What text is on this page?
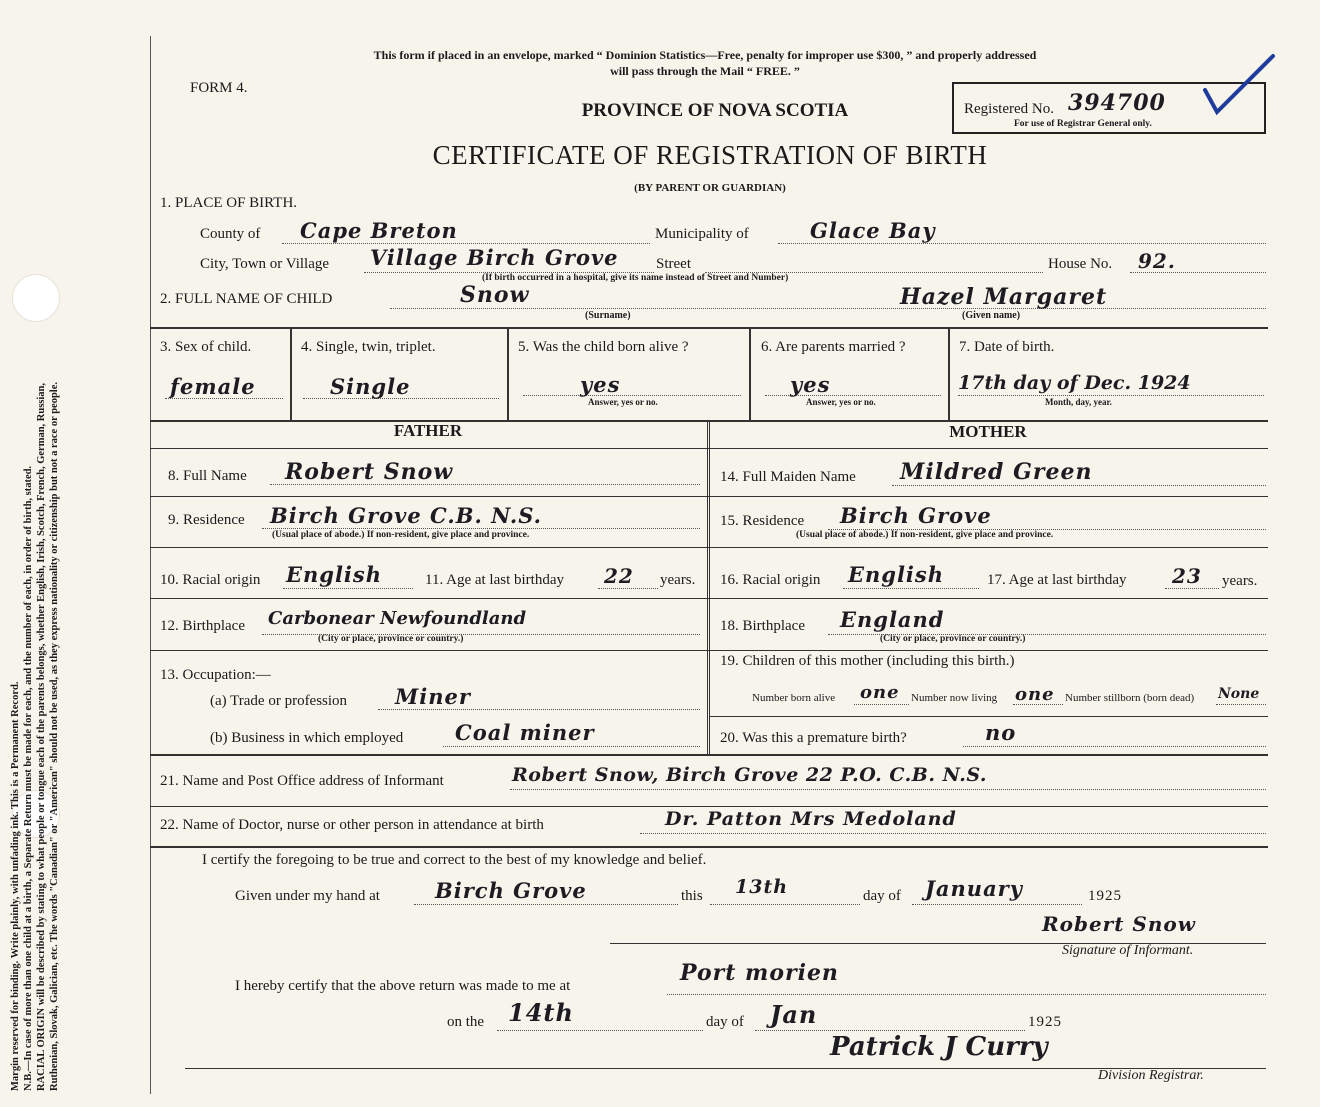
Margin reserved for binding. Write plainly, with unfading ink. This is a Permanent Record. N.B.—In case of more than one child at a birth, a Separate Return must be made for each, and the number of each, in order of birth, stated. RACIAL ORIGIN will be described by stating to what people or tongue each of the parents belongs, whether English, Irish, Scotch, French, German, Russian, Ruthenian, Slovak, Galician, etc. The words "Canadian" or "American" should not be used, as they express nationality or citizenship but not a race or people.
This form if placed in an envelope, marked “ Dominion Statistics—Free, penalty for improper use $300, ” and properly addressed
will pass through the Mail “ FREE. ”
FORM 4.
PROVINCE OF NOVA SCOTIA	Registered No. 394700
For use of Registrar General only.
CERTIFICATE OF REGISTRATION OF BIRTH
(BY PARENT OR GUARDIAN)
1. PLACE OF BIRTH.
County of Cape Breton	Municipality of	Glace Bay
City, Town or Village Village Birch Grove Street	House No. 92.
(If birth occurred in a hospital, give its name instead of Street and Number)
2. FULL NAME OF CHILD	Snow	Hazel Margaret
(Surname)	(Given name)
3. Sex of child.
female
4. Single, twin, triplet.
Single
5. Was the child born alive ?
yes
Answer, yes or no.
6. Are parents married ?
yes
Answer, yes or no.
7. Date of birth.
17th day of Dec. 1924
Month, day, year.
FATHER	MOTHER
8. Full Name Robert Snow
9. Residence Birch Grove C.B. N.S.
(Usual place of abode.) If non-resident, give place and province.
10. Racial origin English	11. Age at last birthday 22 years.
12. Birthplace Carbonear Newfoundland
(City or place, province or country.)
13. Occupation:—
(a) Trade or profession Miner
(b) Business in which employed Coal miner
14. Full Maiden Name Mildred Green
15. Residence Birch Grove
(Usual place of abode.) If non-resident, give place and province.
16. Racial origin English	17. Age at last birthday 23 years.
18. Birthplace England
(City or place, province or country.)
19. Children of this mother (including this birth.)
Number born alive one Number now living one Number stillborn (born dead) None
20. Was this a premature birth?	no
21. Name and Post Office address of Informant	Robert Snow, Birch Grove 22 P.O. C.B. N.S.
22. Name of Doctor, nurse or other person in attendance at birth	Dr. Patton Mrs Medoland
I certify the foregoing to be true and correct to the best of my knowledge and belief.
Given under my hand at	Birch Grove	this 13th	day of January	1925
Robert Snow
Signature of Informant.
I hereby certify that the above return was made to me at	Port morien
on the 14th	day of Jan	1925
Patrick J Curry
Division Registrar.
